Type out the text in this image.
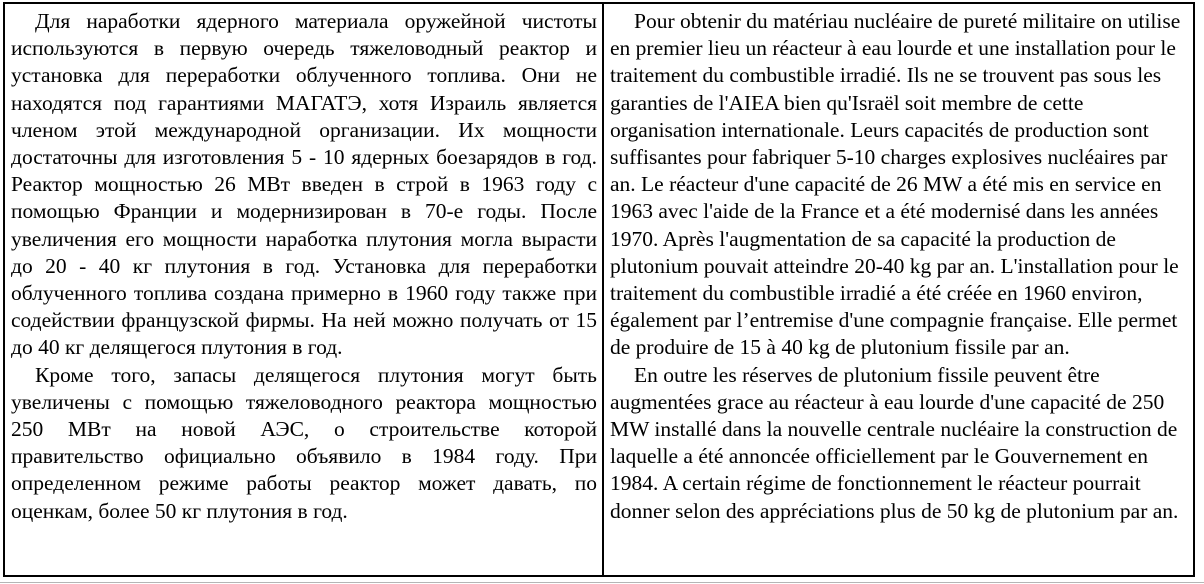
Для наработки ядерного материала оружейной чистоты используются в первую очередь тяжеловодный реактор и установка для переработки облученного топлива. Они не находятся под гарантиями МАГАТЭ, хотя Израиль является членом этой международной организации. Их мощности достаточны для изготовления 5 - 10 ядерных боезарядов в год. Реактор мощностью 26 МВт введен в строй в 1963 году с помощью Франции и модернизирован в 70-е годы. После увеличения его мощности наработка плутония могла вырасти до 20 - 40 кг плутония в год. Установка для переработки облученного топлива создана примерно в 1960 году также при содействии французской фирмы. На ней можно получать от 15 до 40 кг делящегося плутония в год.

Кроме того, запасы делящегося плутония могут быть увеличены с помощью тяжеловодного реактора мощностью 250 МВт на новой АЭС, о строительстве которой правительство официально объявило в 1984 году. При определенном режиме работы реактор может давать, по оценкам, более 50 кг плутония в год.

Pour obtenir du matériau nucléaire de pureté militaire on utilise en premier lieu un réacteur à eau lourde et une installation pour le traitement du combustible irradié. Ils ne se trouvent pas sous les garanties de l'AIEA bien qu'Israël soit membre de cette organisation internationale. Leurs capacités de production sont suffisantes pour fabriquer 5-10 charges explosives nucléaires par an. Le réacteur d'une capacité de 26 MW a été mis en service en 1963 avec l'aide de la France et a été modernisé dans les années 1970. Après l'augmentation de sa capacité la production de plutonium pouvait atteindre 20-40 kg par an. L'installation pour le traitement du combustible irradié a été créée en 1960 environ, également par l’entremise d'une compagnie française. Elle permet de produire de 15 à 40 kg de plutonium fissile par an.

En outre les réserves de plutonium fissile peuvent être augmentées grace au réacteur à eau lourde d'une capacité de 250 MW installé dans la nouvelle centrale nucléaire la construction de laquelle a été annoncée officiellement par le Gouvernement en 1984. A certain régime de fonctionnement le réacteur pourrait donner selon des appréciations plus de 50 kg de plutonium par an.
